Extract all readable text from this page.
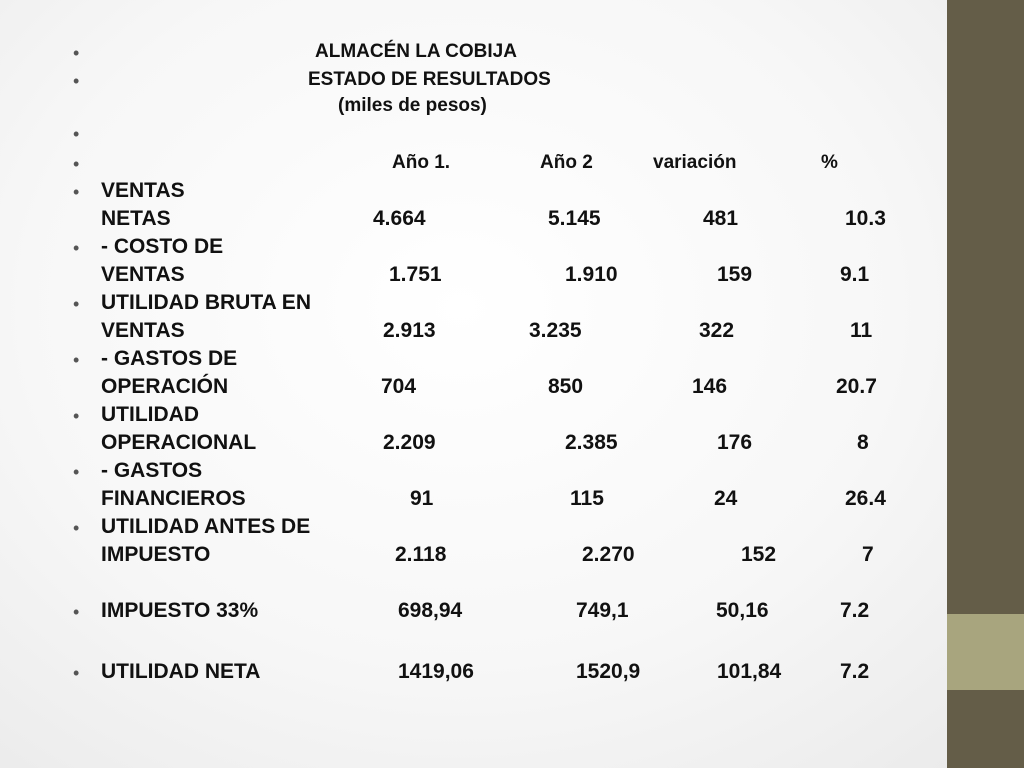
•	ALMACÉN LA COBIJA
•	ESTADO DE RESULTADOS
(miles de pesos)
•
•	Año 1.	Año 2	variación	%
• VENTAS
NETAS	4.664	5.145	481	10.3
• - COSTO DE
VENTAS	1.751	1.910	159	9.1
• UTILIDAD BRUTA EN
VENTAS	2.913	3.235	322	11
• - GASTOS DE
OPERACIÓN	704	850	146	20.7
• UTILIDAD
OPERACIONAL	2.209	2.385	176	8
• - GASTOS
FINANCIEROS	91	115	24	26.4
• UTILIDAD ANTES DE
IMPUESTO	2.118	2.270	152	7
• IMPUESTO 33%	698,94	749,1	50,16	7.2
• UTILIDAD NETA	1419,06	1520,9	101,84	7.2
